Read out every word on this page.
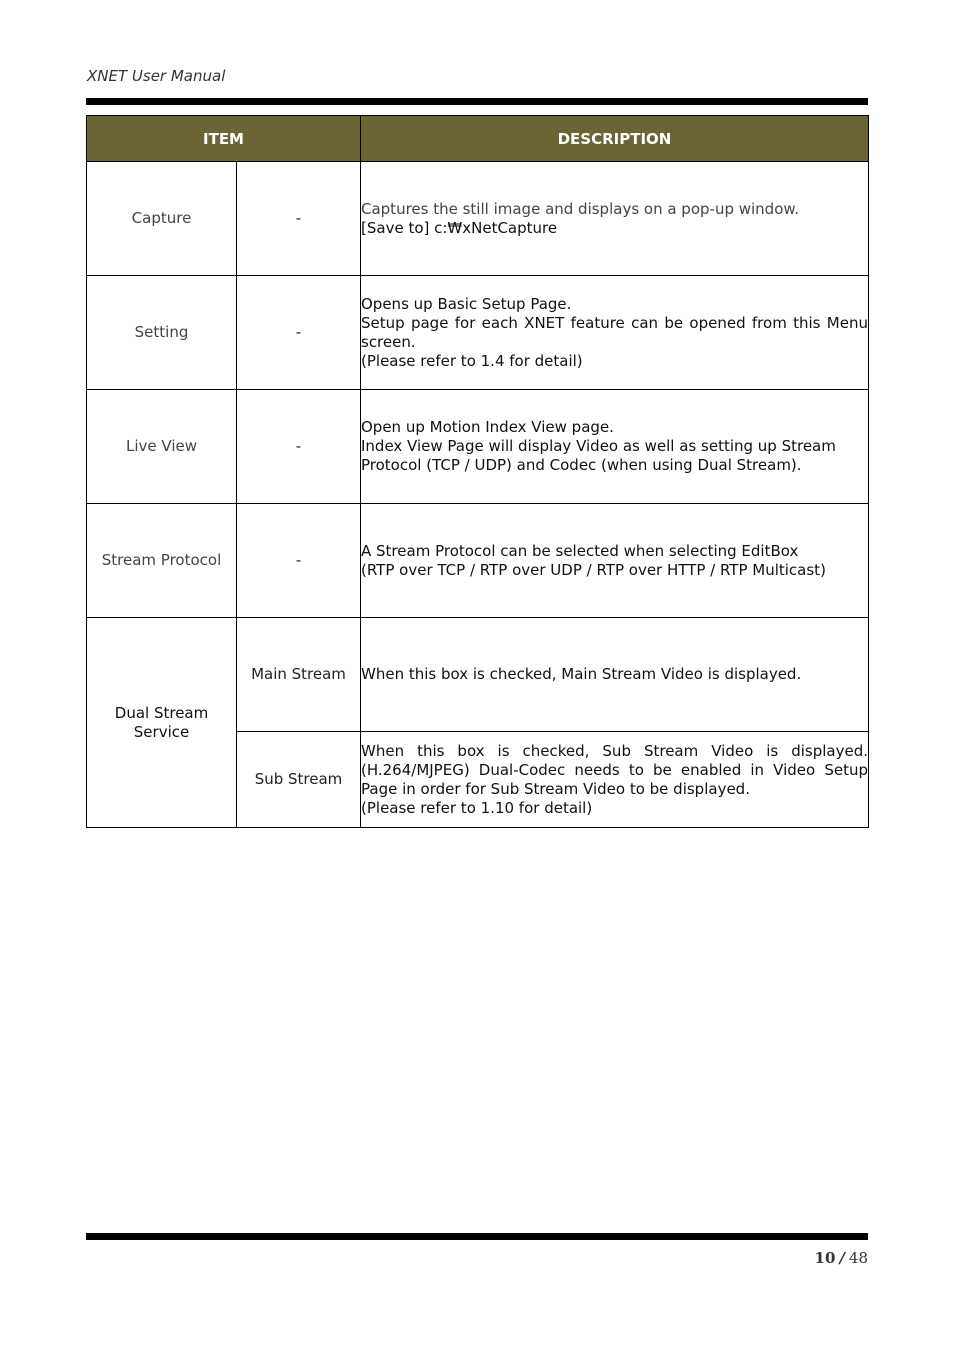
XNET User Manual
ITEM		DESCRIPTION
Capture	-	Captures the still image and displays on a pop-up window.
[Save to] c:₩xNetCapture

Setting	-	Opens up Basic Setup Page.
Setup page for each XNET feature can be opened from this Menu screen.
(Please refer to 1.4 for detail)

Live View	-	Open up Motion Index View page.
Index View Page will display Video as well as setting up Stream Protocol (TCP / UDP) and Codec (when using Dual Stream).

Stream Protocol	-	A Stream Protocol can be selected when selecting EditBox
(RTP over TCP / RTP over UDP / RTP over HTTP / RTP Multicast)

Dual Stream Service	Main Stream	When this box is checked, Main Stream Video is displayed.

	Sub Stream	When this box is checked, Sub Stream Video is displayed. (H.264/MJPEG) Dual-Codec needs to be enabled in Video Setup Page in order for Sub Stream Video to be displayed.
(Please refer to 1.10 for detail)
10 / 48
